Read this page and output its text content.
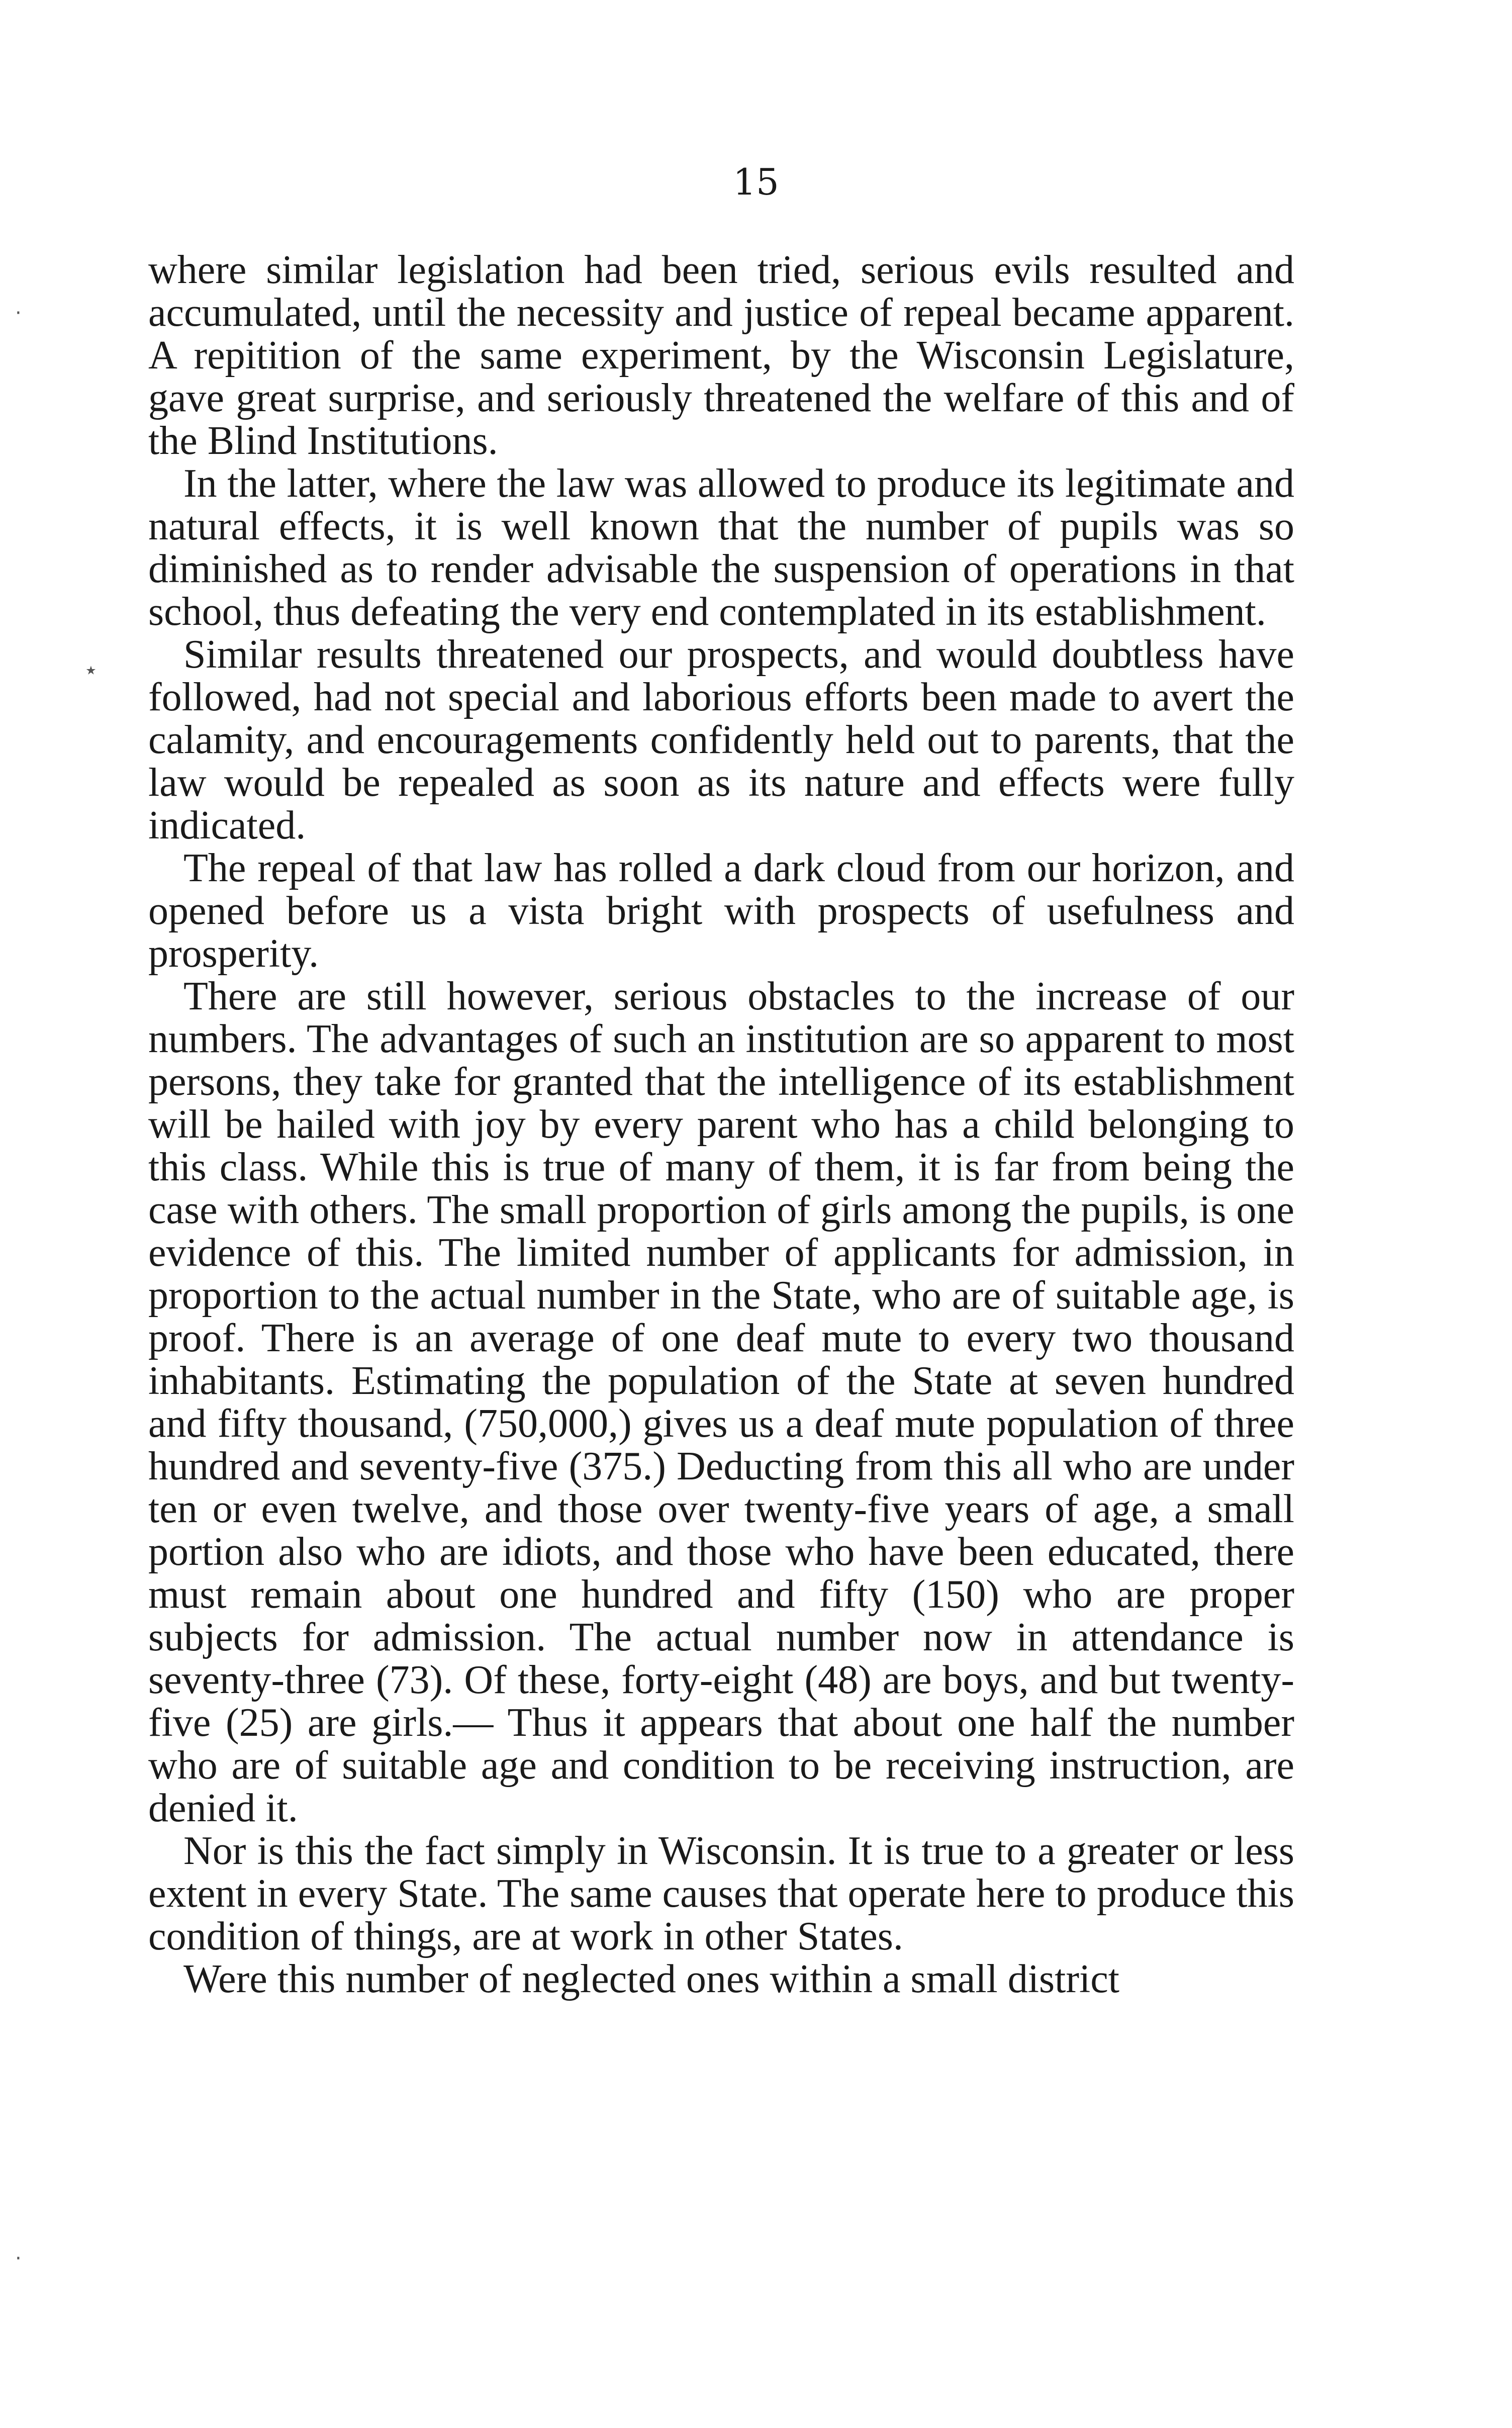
15

where similar legislation had been tried, serious evils resulted and accumulated, until the necessity and justice of repeal became apparent. A repitition of the same experiment, by the Wisconsin Legislature, gave great surprise, and seriously threatened the welfare of this and of the Blind Institutions.

In the latter, where the law was allowed to produce its legitimate and natural effects, it is well known that the number of pupils was so diminished as to render advisable the suspension of operations in that school, thus defeating the very end contemplated in its establishment.

Similar results threatened our prospects, and would doubtless have followed, had not special and laborious efforts been made to avert the calamity, and encouragements confidently held out to parents, that the law would be repealed as soon as its nature and effects were fully indicated.

The repeal of that law has rolled a dark cloud from our horizon, and opened before us a vista bright with prospects of usefulness and prosperity.

There are still however, serious obstacles to the increase of our numbers. The advantages of such an institution are so apparent to most persons, they take for granted that the intelligence of its establishment will be hailed with joy by every parent who has a child belonging to this class. While this is true of many of them, it is far from being the case with others. The small proportion of girls among the pupils, is one evidence of this. The limited number of applicants for admission, in proportion to the actual number in the State, who are of suitable age, is proof. There is an average of one deaf mute to every two thousand inhabitants. Estimating the population of the State at seven hundred and fifty thousand, (750,000,) gives us a deaf mute population of three hundred and seventy-five (375.) Deducting from this all who are under ten or even twelve, and those over twenty-five years of age, a small portion also who are idiots, and those who have been educated, there must remain about one hundred and fifty (150) who are proper subjects for admission. The actual number now in attendance is seventy-three (73). Of these, forty-eight (48) are boys, and but twenty-five (25) are girls.— Thus it appears that about one half the number who are of suitable age and condition to be receiving instruction, are denied it.

Nor is this the fact simply in Wisconsin. It is true to a greater or less extent in every State. The same causes that operate here to produce this condition of things, are at work in other States.

Were this number of neglected ones within a small district

·
٭
·
